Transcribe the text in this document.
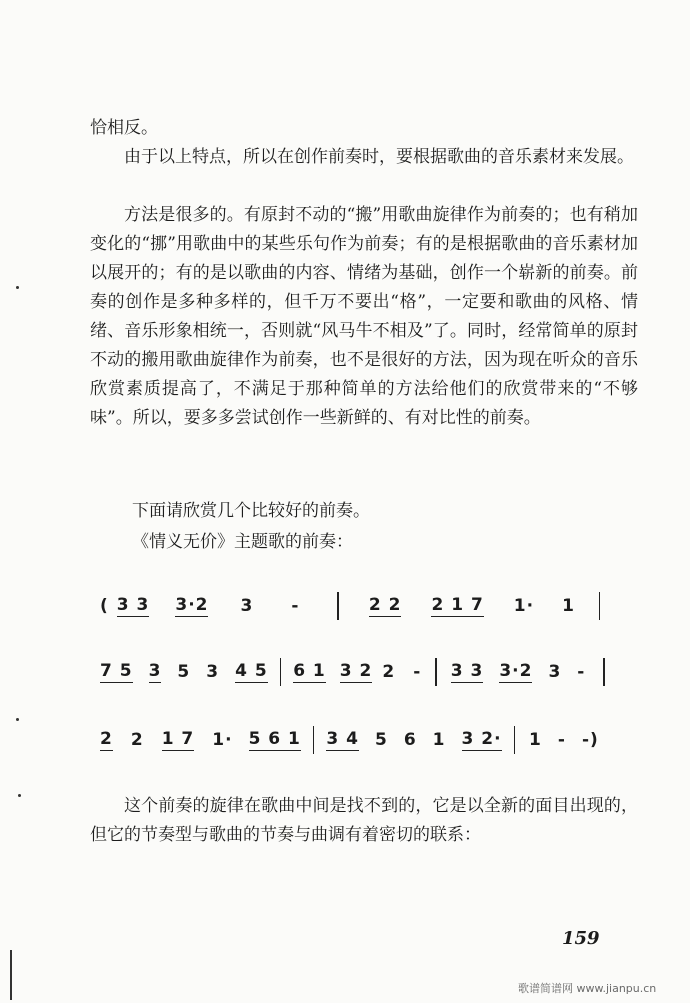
恰相反。
由于以上特点，所以在创作前奏时，要根据歌曲的音乐素材来发展。
方法是很多的。有原封不动的“搬”用歌曲旋律作为前奏的；也有稍加变化的“挪”用歌曲中的某些乐句作为前奏；有的是根据歌曲的音乐素材加以展开的；有的是以歌曲的内容、情绪为基础，创作一个崭新的前奏。前奏的创作是多种多样的，但千万不要出“格”，一定要和歌曲的风格、情绪、音乐形象相统一，否则就“风马牛不相及”了。同时，经常简单的原封不动的搬用歌曲旋律作为前奏，也不是很好的方法，因为现在听众的音乐欣赏素质提高了，不满足于那种简单的方法给他们的欣赏带来的“不够味”。所以，要多多尝试创作一些新鲜的、有对比性的前奏。
下面请欣赏几个比较好的前奏。
《情义无价》主题歌的前奏：
( 3 3 3·2 3 -	2 2 2 1 7 1· 1
7 5 3 5 3 4 5 6 1 3 2 2 - 3 3 3·2 3 -
2 2 1 7 1· 5 6 1 3 4 5 6 1 3 2· 1 - -)
这个前奏的旋律在歌曲中间是找不到的，它是以全新的面目出现的，但它的节奏型与歌曲的节奏与曲调有着密切的联系：
159
歌谱简谱网 www.jianpu.cn
